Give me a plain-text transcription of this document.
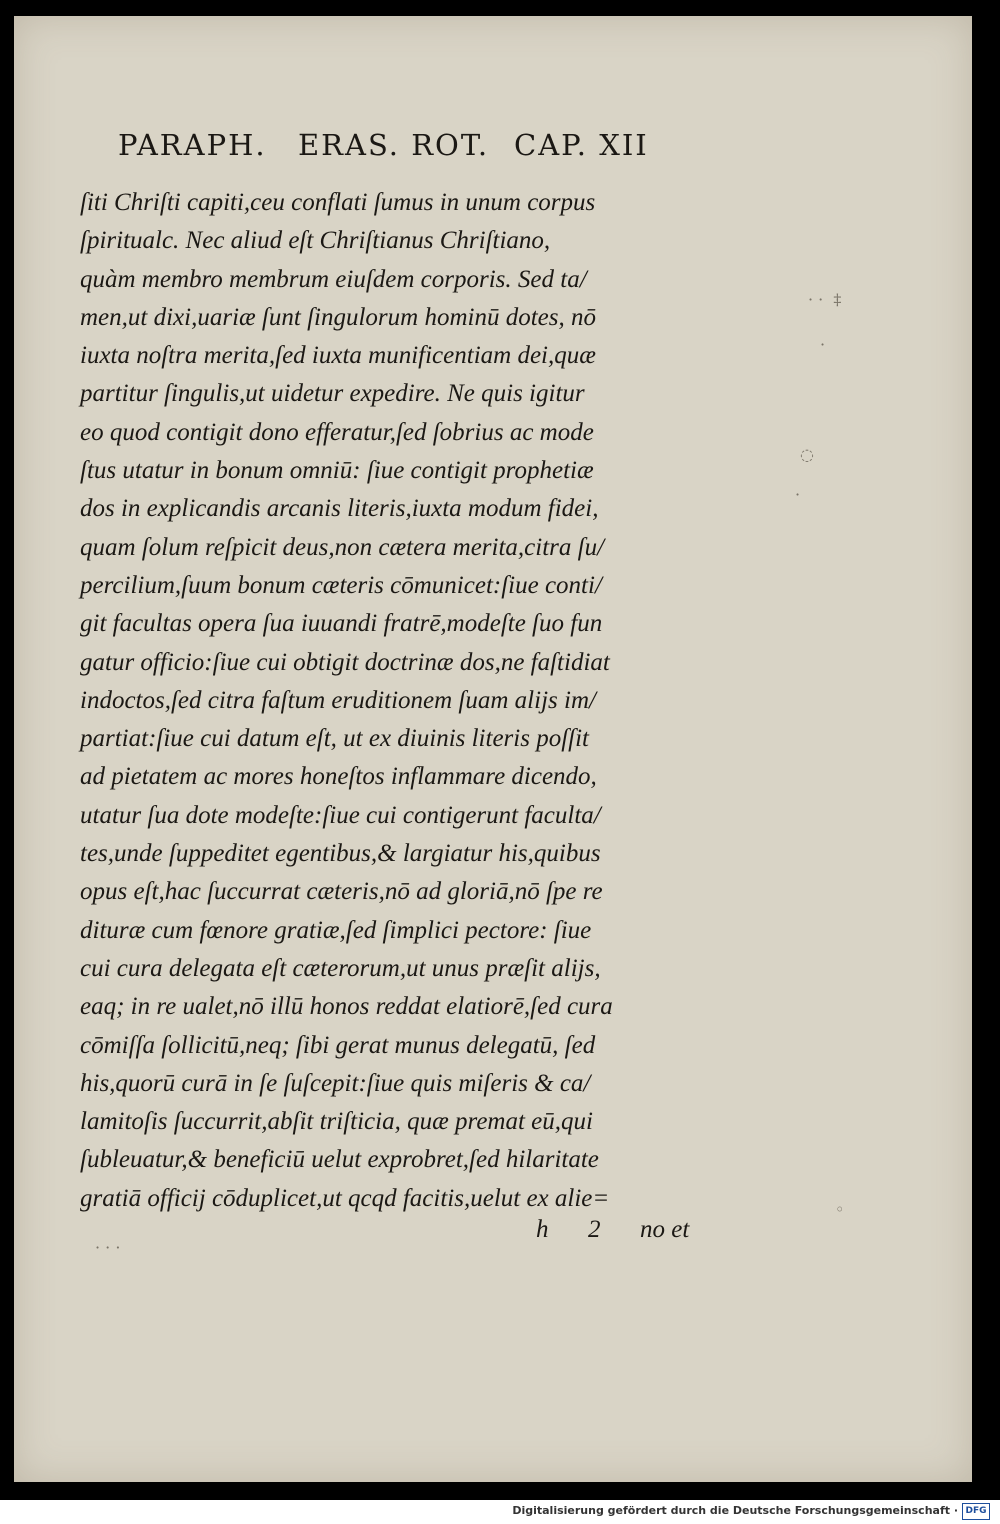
PARAPH. ERAS. ROT. CAP. XII
ſiti Chriſti capiti,ceu conflati ſumus in unum corpus
ſpiritualc. Nec aliud eſt Chriſtianus Chriſtiano,
quàm membro membrum eiuſdem corporis. Sed ta/
men,ut dixi,uariæ ſunt ſingulorum hominū dotes, nō
iuxta noſtra merita,ſed iuxta munificentiam dei,quæ
partitur ſingulis,ut uidetur expedire. Ne quis igitur
eo quod contigit dono efferatur,ſed ſobrius ac mode
ſtus utatur in bonum omniū: ſiue contigit prophetiæ
dos in explicandis arcanis literis,iuxta modum fidei,
quam ſolum reſpicit deus,non cætera merita,citra ſu/
percilium,ſuum bonum cæteris cōmunicet:ſiue conti/
git facultas opera ſua iuuandi fratrē,modeſte ſuo fun
gatur officio:ſiue cui obtigit doctrinæ dos,ne faſtidiat
indoctos,ſed citra faſtum eruditionem ſuam alijs im/
partiat:ſiue cui datum eſt, ut ex diuinis literis poſſit
ad pietatem ac mores honeſtos inflammare dicendo,
utatur ſua dote modeſte:ſiue cui contigerunt faculta/
tes,unde ſuppeditet egentibus,& largiatur his,quibus
opus eſt,hac ſuccurrat cæteris,nō ad gloriā,nō ſpe re
dituræ cum fœnore gratiæ,ſed ſimplici pectore: ſiue
cui cura delegata eſt cæterorum,ut unus præſit alijs,
eaq; in re ualet,nō illū honos reddat elatiorē,ſed cura
cōmiſſa ſollicitū,neq; ſibi gerat munus delegatū, ſed
his,quorū curā in ſe ſuſcepit:ſiue quis miſeris & ca/
lamitoſis ſuccurrit,abſit triſticia, quæ premat eū,qui
ſubleuatur,& beneficiū uelut exprobret,ſed hilaritate
gratiā officij cōduplicet,ut qcqd facitis,uelut ex alie=
h 2 no et
· ·  ‡
·
◌
·
◦
· · ·
Digitalisierung gefördert durch die Deutsche Forschungsgemeinschaft · DFG
